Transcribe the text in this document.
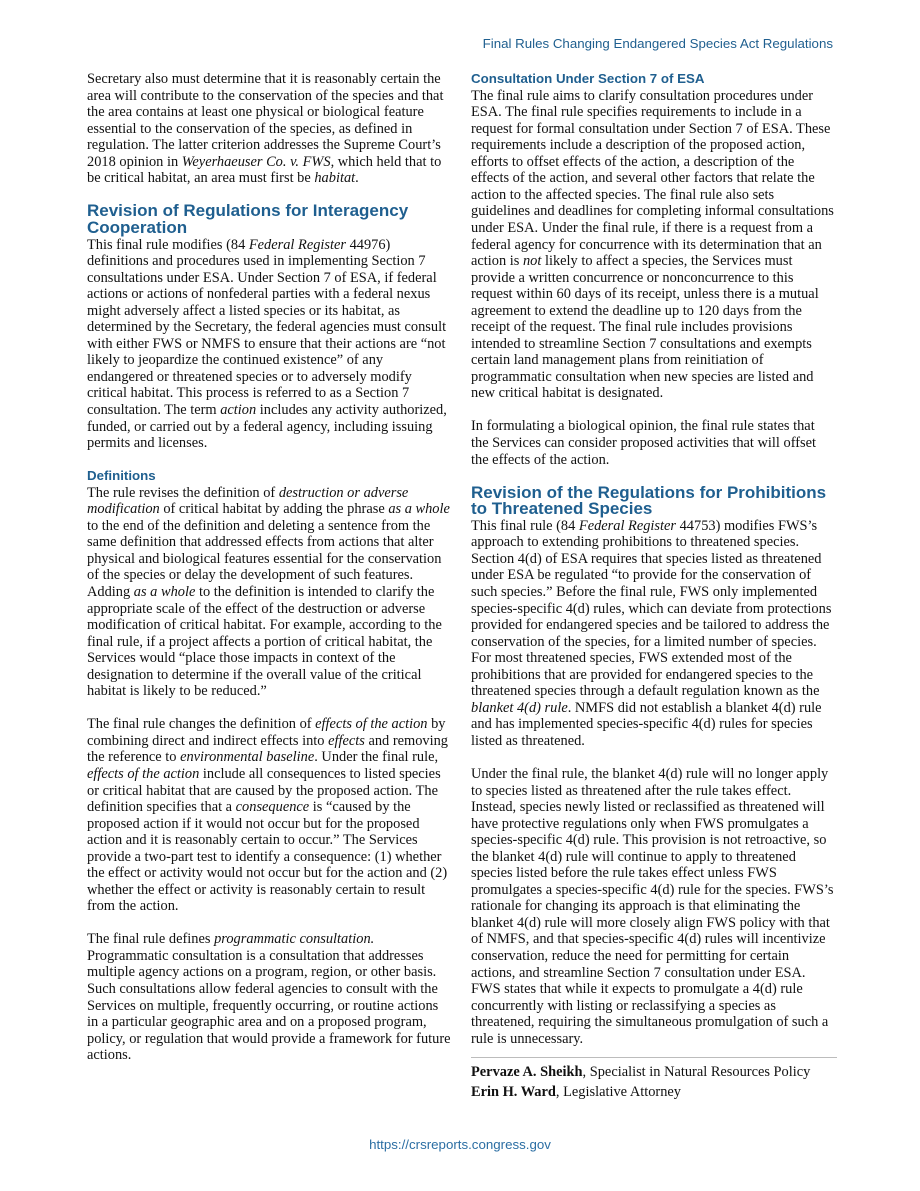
Final Rules Changing Endangered Species Act Regulations

Secretary also must determine that it is reasonably certain the area will contribute to the conservation of the species and that the area contains at least one physical or biological feature essential to the conservation of the species, as defined in regulation. The latter criterion addresses the Supreme Court’s 2018 opinion in Weyerhaeuser Co. v. FWS, which held that to be critical habitat, an area must first be habitat.

Revision of Regulations for Interagency Cooperation

This final rule modifies (84 Federal Register 44976) definitions and procedures used in implementing Section 7 consultations under ESA. Under Section 7 of ESA, if federal actions or actions of nonfederal parties with a federal nexus might adversely affect a listed species or its habitat, as determined by the Secretary, the federal agencies must consult with either FWS or NMFS to ensure that their actions are “not likely to jeopardize the continued existence” of any endangered or threatened species or to adversely modify critical habitat. This process is referred to as a Section 7 consultation. The term action includes any activity authorized, funded, or carried out by a federal agency, including issuing permits and licenses.

Definitions

The rule revises the definition of destruction or adverse modification of critical habitat by adding the phrase as a whole to the end of the definition and deleting a sentence from the same definition that addressed effects from actions that alter physical and biological features essential for the conservation of the species or delay the development of such features. Adding as a whole to the definition is intended to clarify the appropriate scale of the effect of the destruction or adverse modification of critical habitat. For example, according to the final rule, if a project affects a portion of critical habitat, the Services would “place those impacts in context of the designation to determine if the overall value of the critical habitat is likely to be reduced.”

The final rule changes the definition of effects of the action by combining direct and indirect effects into effects and removing the reference to environmental baseline. Under the final rule, effects of the action include all consequences to listed species or critical habitat that are caused by the proposed action. The definition specifies that a consequence is “caused by the proposed action if it would not occur but for the proposed action and it is reasonably certain to occur.” The Services provide a two-part test to identify a consequence: (1) whether the effect or activity would not occur but for the action and (2) whether the effect or activity is reasonably certain to result from the action.

The final rule defines programmatic consultation. Programmatic consultation is a consultation that addresses multiple agency actions on a program, region, or other basis. Such consultations allow federal agencies to consult with the Services on multiple, frequently occurring, or routine actions in a particular geographic area and on a proposed program, policy, or regulation that would provide a framework for future actions.

Consultation Under Section 7 of ESA

The final rule aims to clarify consultation procedures under ESA. The final rule specifies requirements to include in a request for formal consultation under Section 7 of ESA. These requirements include a description of the proposed action, efforts to offset effects of the action, a description of the effects of the action, and several other factors that relate the action to the affected species. The final rule also sets guidelines and deadlines for completing informal consultations under ESA. Under the final rule, if there is a request from a federal agency for concurrence with its determination that an action is not likely to affect a species, the Services must provide a written concurrence or nonconcurrence to this request within 60 days of its receipt, unless there is a mutual agreement to extend the deadline up to 120 days from the receipt of the request. The final rule includes provisions intended to streamline Section 7 consultations and exempts certain land management plans from reinitiation of programmatic consultation when new species are listed and new critical habitat is designated.

In formulating a biological opinion, the final rule states that the Services can consider proposed activities that will offset the effects of the action.

Revision of the Regulations for Prohibitions to Threatened Species

This final rule (84 Federal Register 44753) modifies FWS’s approach to extending prohibitions to threatened species. Section 4(d) of ESA requires that species listed as threatened under ESA be regulated “to provide for the conservation of such species.” Before the final rule, FWS only implemented species-specific 4(d) rules, which can deviate from protections provided for endangered species and be tailored to address the conservation of the species, for a limited number of species. For most threatened species, FWS extended most of the prohibitions that are provided for endangered species to the threatened species through a default regulation known as the blanket 4(d) rule. NMFS did not establish a blanket 4(d) rule and has implemented species-specific 4(d) rules for species listed as threatened.

Under the final rule, the blanket 4(d) rule will no longer apply to species listed as threatened after the rule takes effect. Instead, species newly listed or reclassified as threatened will have protective regulations only when FWS promulgates a species-specific 4(d) rule. This provision is not retroactive, so the blanket 4(d) rule will continue to apply to threatened species listed before the rule takes effect unless FWS promulgates a species-specific 4(d) rule for the species. FWS’s rationale for changing its approach is that eliminating the blanket 4(d) rule will more closely align FWS policy with that of NMFS, and that species-specific 4(d) rules will incentivize conservation, reduce the need for permitting for certain actions, and streamline Section 7 consultation under ESA. FWS states that while it expects to promulgate a 4(d) rule concurrently with listing or reclassifying a species as threatened, requiring the simultaneous promulgation of such a rule is unnecessary.

Pervaze A. Sheikh, Specialist in Natural Resources Policy

Erin H. Ward, Legislative Attorney

https://crsreports.congress.gov
